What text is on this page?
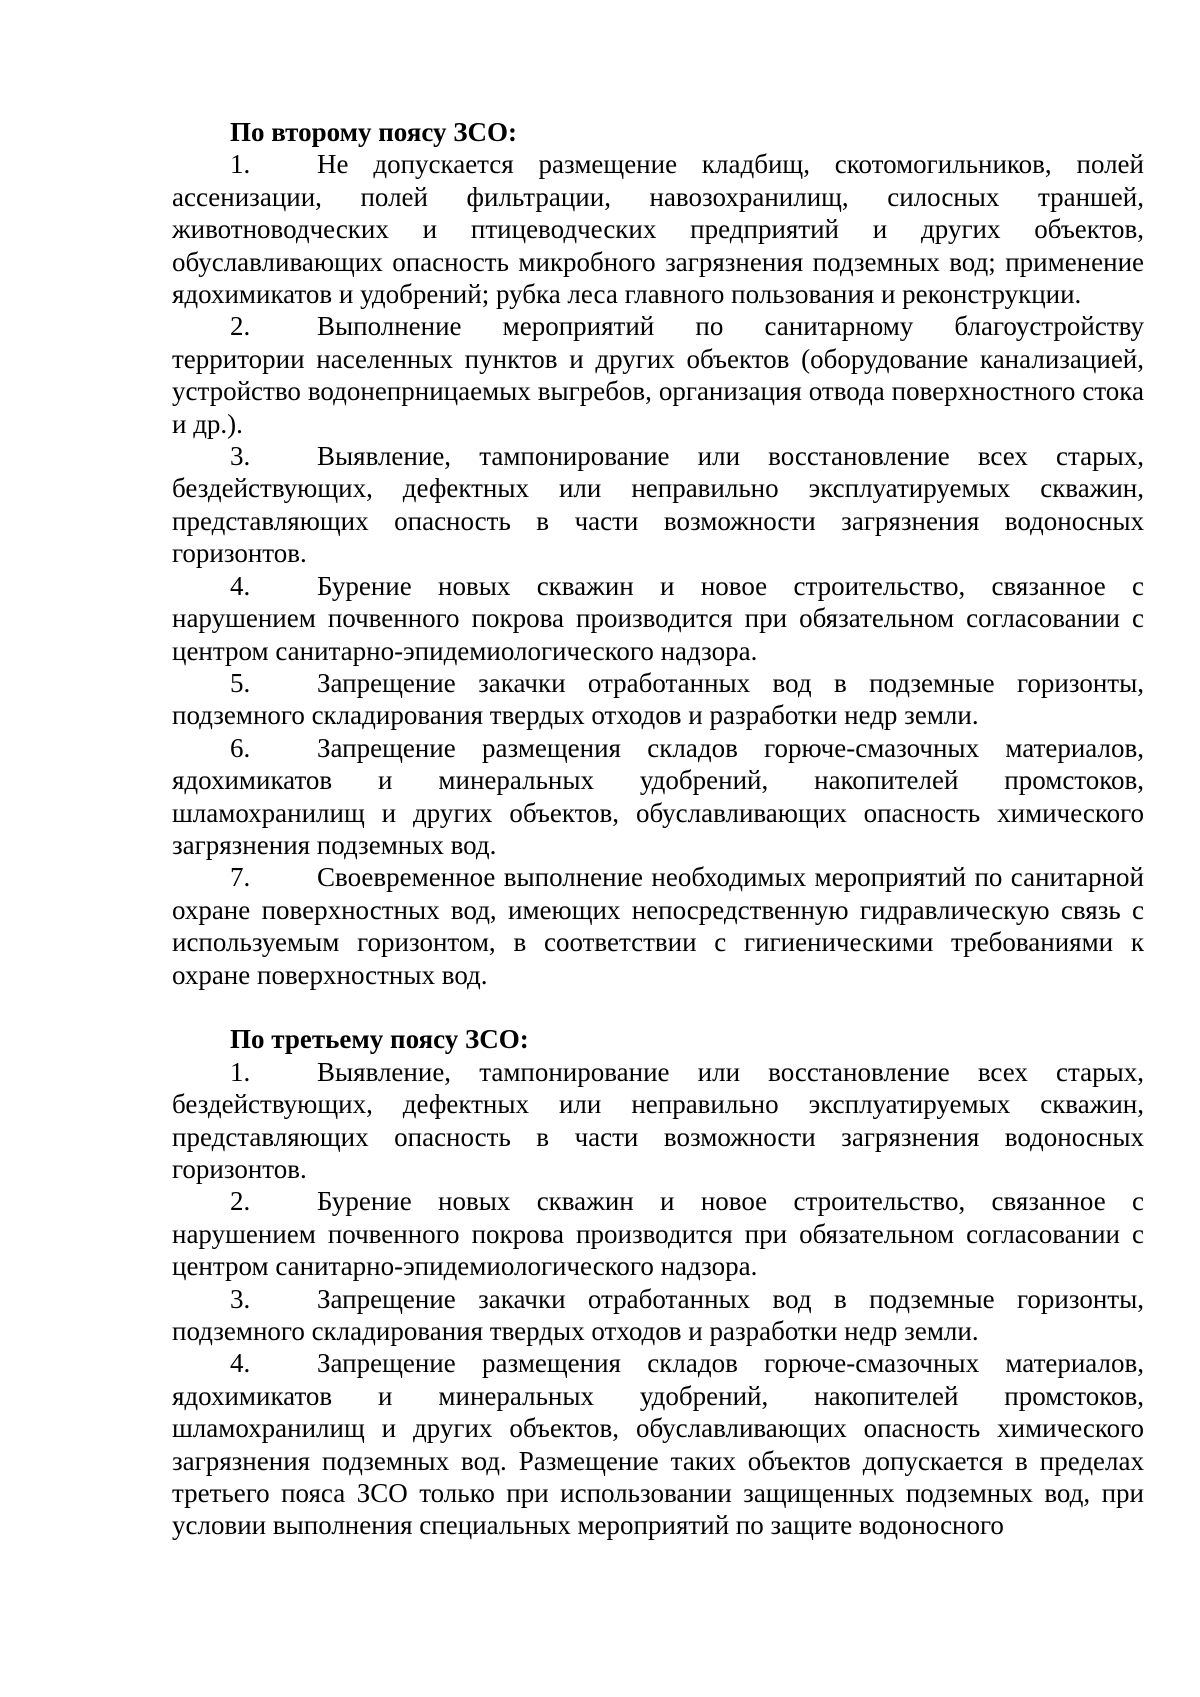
По второму поясу ЗСО:

1. Не допускается размещение кладбищ, скотомогильников, полей ассенизации, полей фильтрации, навозохранилищ, силосных траншей, животноводческих и птицеводческих предприятий и других объектов, обуславливающих опасность микробного загрязнения подземных вод; применение ядохимикатов и удобрений; рубка леса главного пользования и реконструкции.

2. Выполнение мероприятий по санитарному благоустройству территории населенных пунктов и других объектов (оборудование канализацией, устройство водонепрницаемых выгребов, организация отвода поверхностного стока и др.).

3. Выявление, тампонирование или восстановление всех старых, бездействующих, дефектных или неправильно эксплуатируемых скважин, представляющих опасность в части возможности загрязнения водоносных горизонтов.

4. Бурение новых скважин и новое строительство, связанное с нарушением почвенного покрова производится при обязательном согласовании с центром санитарно-эпидемиологического надзора.

5. Запрещение закачки отработанных вод в подземные горизонты, подземного складирования твердых отходов и разработки недр земли.

6. Запрещение размещения складов горюче-смазочных материалов, ядохимикатов и минеральных удобрений, накопителей промстоков, шламохранилищ и других объектов, обуславливающих опасность химического загрязнения подземных вод.

7. Своевременное выполнение необходимых мероприятий по санитарной охране поверхностных вод, имеющих непосредственную гидравлическую связь с используемым горизонтом, в соответствии с гигиеническими требованиями к охране поверхностных вод.

По третьему поясу ЗСО:

1. Выявление, тампонирование или восстановление всех старых, бездействующих, дефектных или неправильно эксплуатируемых скважин, представляющих опасность в части возможности загрязнения водоносных горизонтов.

2. Бурение новых скважин и новое строительство, связанное с нарушением почвенного покрова производится при обязательном согласовании с центром санитарно-эпидемиологического надзора.

3. Запрещение закачки отработанных вод в подземные горизонты, подземного складирования твердых отходов и разработки недр земли.

4. Запрещение размещения складов горюче-смазочных материалов, ядохимикатов и минеральных удобрений, накопителей промстоков, шламохранилищ и других объектов, обуславливающих опасность химического загрязнения подземных вод. Размещение таких объектов допускается в пределах третьего пояса ЗСО только при использовании защищенных подземных вод, при условии выполнения специальных мероприятий по защите водоносного
